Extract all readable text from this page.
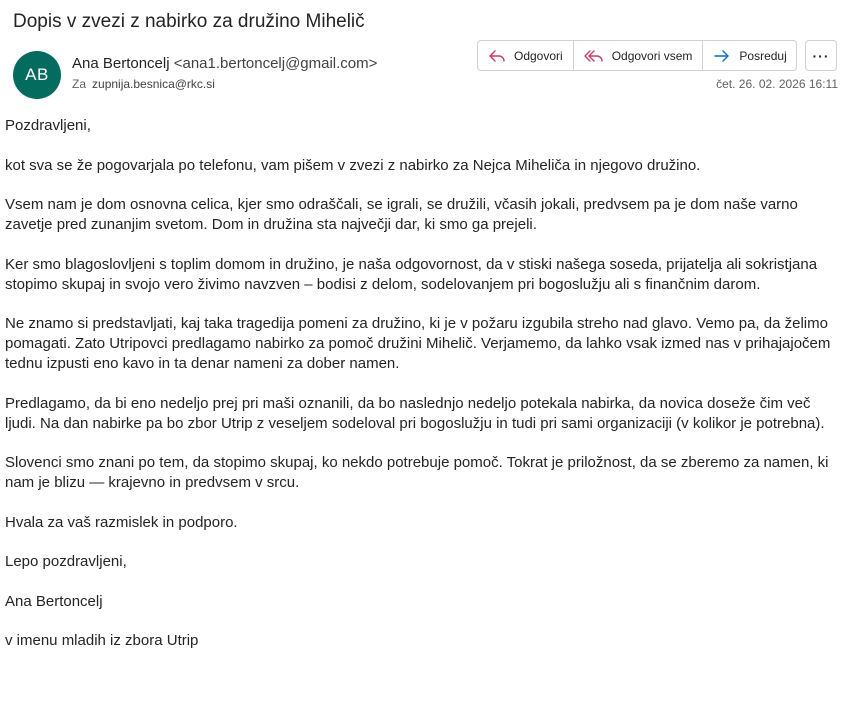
Dopis v zvezi z nabirko za družino Mihelič
AB
Ana Bertoncelj <ana1.bertoncelj@gmail.com>
Za zupnija.besnica@rkc.si
Odgovori	Odgovori vsem	Posreduj ···
čet. 26. 02. 2026 16:11

Pozdravljeni,

kot sva se že pogovarjala po telefonu, vam pišem v zvezi z nabirko za Nejca Miheliča in njegovo družino.

Vsem nam je dom osnovna celica, kjer smo odraščali, se igrali, se družili, včasih jokali, predvsem pa je dom naše varno zavetje pred zunanjim svetom. Dom in družina sta največji dar, ki smo ga prejeli.

Ker smo blagoslovljeni s toplim domom in družino, je naša odgovornost, da v stiski našega soseda, prijatelja ali sokristjana stopimo skupaj in svojo vero živimo navzven – bodisi z delom, sodelovanjem pri bogoslužju ali s finančnim darom.

Ne znamo si predstavljati, kaj taka tragedija pomeni za družino, ki je v požaru izgubila streho nad glavo. Vemo pa, da želimo pomagati. Zato Utripovci predlagamo nabirko za pomoč družini Mihelič. Verjamemo, da lahko vsak izmed nas v prihajajočem tednu izpusti eno kavo in ta denar nameni za dober namen.

Predlagamo, da bi eno nedeljo prej pri maši oznanili, da bo naslednjo nedeljo potekala nabirka, da novica doseže čim več ljudi. Na dan nabirke pa bo zbor Utrip z veseljem sodeloval pri bogoslužju in tudi pri sami organizaciji (v kolikor je potrebna).

Slovenci smo znani po tem, da stopimo skupaj, ko nekdo potrebuje pomoč. Tokrat je priložnost, da se zberemo za namen, ki nam je blizu — krajevno in predvsem v srcu.

Hvala za vaš razmislek in podporo.

Lepo pozdravljeni,

Ana Bertoncelj

v imenu mladih iz zbora Utrip
